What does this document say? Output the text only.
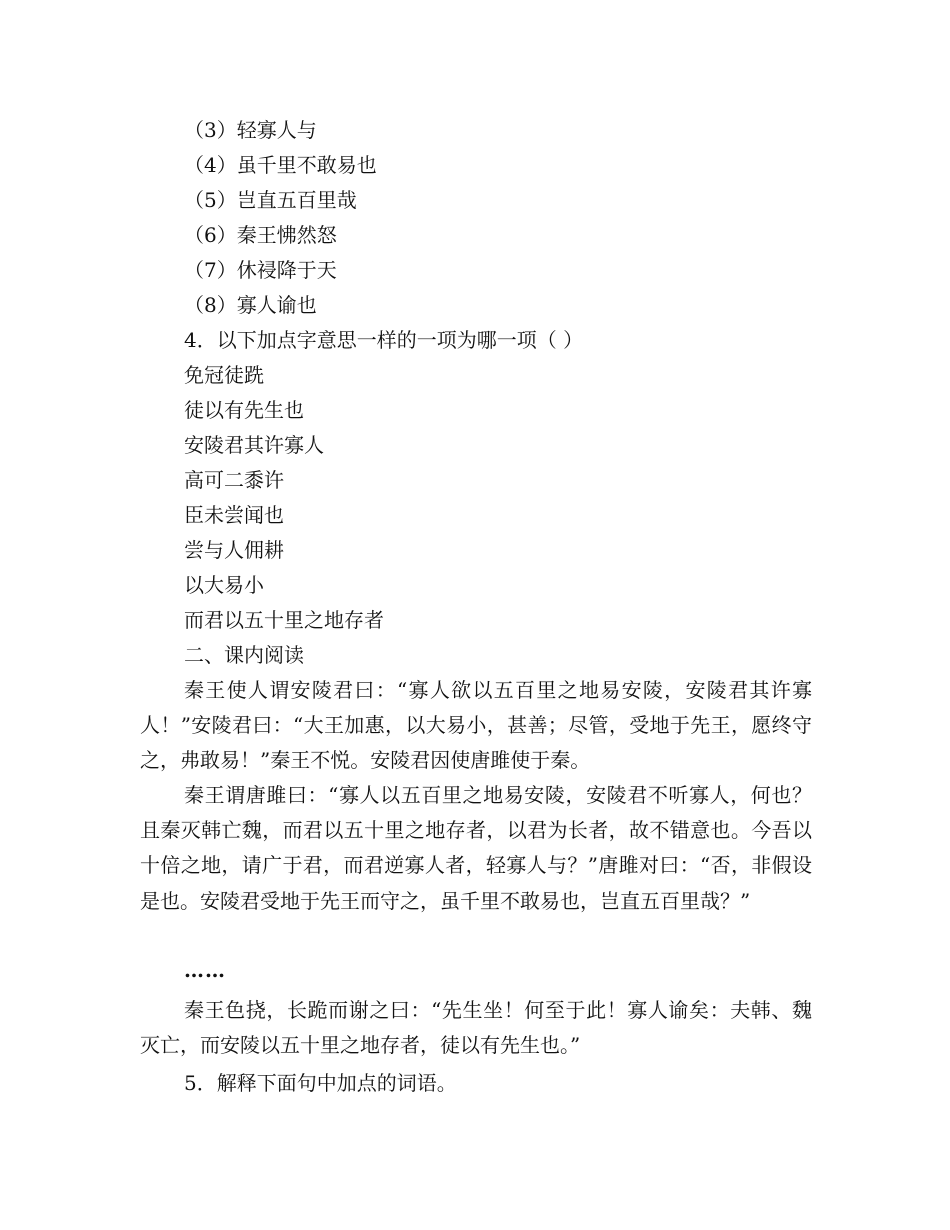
（3）轻寡人与
（4）虽千里不敢易也
（5）岂直五百里哉
（6）秦王怫然怒
（7）休祲降于天
（8）寡人谕也
4．以下加点字意思一样的一项为哪一项（ ）
免冠徒跣
徒以有先生也
安陵君其许寡人
高可二黍许
臣未尝闻也
尝与人佣耕
以大易小
而君以五十里之地存者
二、课内阅读

秦王使人谓安陵君曰：“寡人欲以五百里之地易安陵，安陵君其许寡人！”安陵君曰：“大王加惠，以大易小，甚善；尽管，受地于先王，愿终守之，弗敢易！”秦王不悦。安陵君因使唐雎使于秦。

秦王谓唐雎曰：“寡人以五百里之地易安陵，安陵君不听寡人，何也？且秦灭韩亡魏，而君以五十里之地存者，以君为长者，故不错意也。今吾以十倍之地，请广于君，而君逆寡人者，轻寡人与？”唐雎对曰：“否，非假设是也。安陵君受地于先王而守之，虽千里不敢易也，岂直五百里哉？”

……

秦王色挠，长跪而谢之曰：“先生坐！何至于此！寡人谕矣：夫韩、魏灭亡，而安陵以五十里之地存者，徒以有先生也。”

5．解释下面句中加点的词语。
